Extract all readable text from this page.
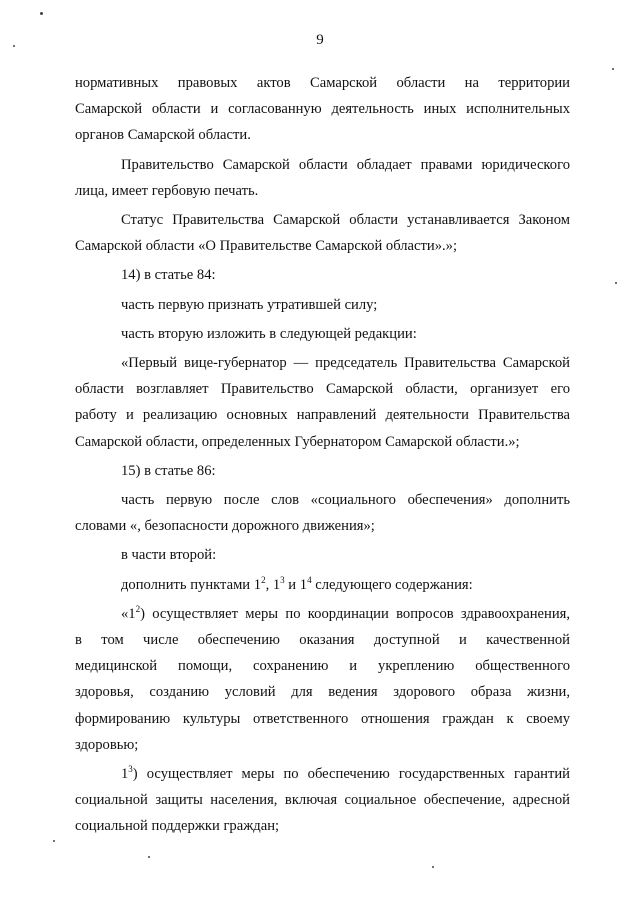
9

нормативных правовых актов Самарской области на территории

Самарской области и согласованную деятельность иных исполнительных

органов Самарской области.

Правительство Самарской области обладает правами юридического

лица, имеет гербовую печать.

Статус Правительства Самарской области устанавливается Законом

Самарской области «О Правительстве Самарской области».»;

14) в статье 84:

часть первую признать утратившей силу;

часть вторую изложить в следующей редакции:

«Первый вице-губернатор — председатель Правительства Самарской

области возглавляет Правительство Самарской области, организует его

работу и реализацию основных направлений деятельности Правительства

Самарской области, определенных Губернатором Самарской области.»;

15) в статье 86:

часть первую после слов «социального обеспечения» дополнить

словами «, безопасности дорожного движения»;

в части второй:

дополнить пунктами $1^2$, $1^3$ и $1^4$ следующего содержания:

«$1^2$) осуществляет меры по координации вопросов здравоохранения,

в том числе обеспечению оказания доступной и качественной

медицинской помощи, сохранению и укреплению общественного

здоровья, созданию условий для ведения здорового образа жизни,

формированию культуры ответственного отношения граждан к своему

здоровью;

$1^3$) осуществляет меры по обеспечению государственных гарантий

социальной защиты населения, включая социальное обеспечение, адресной

социальной поддержки граждан;
